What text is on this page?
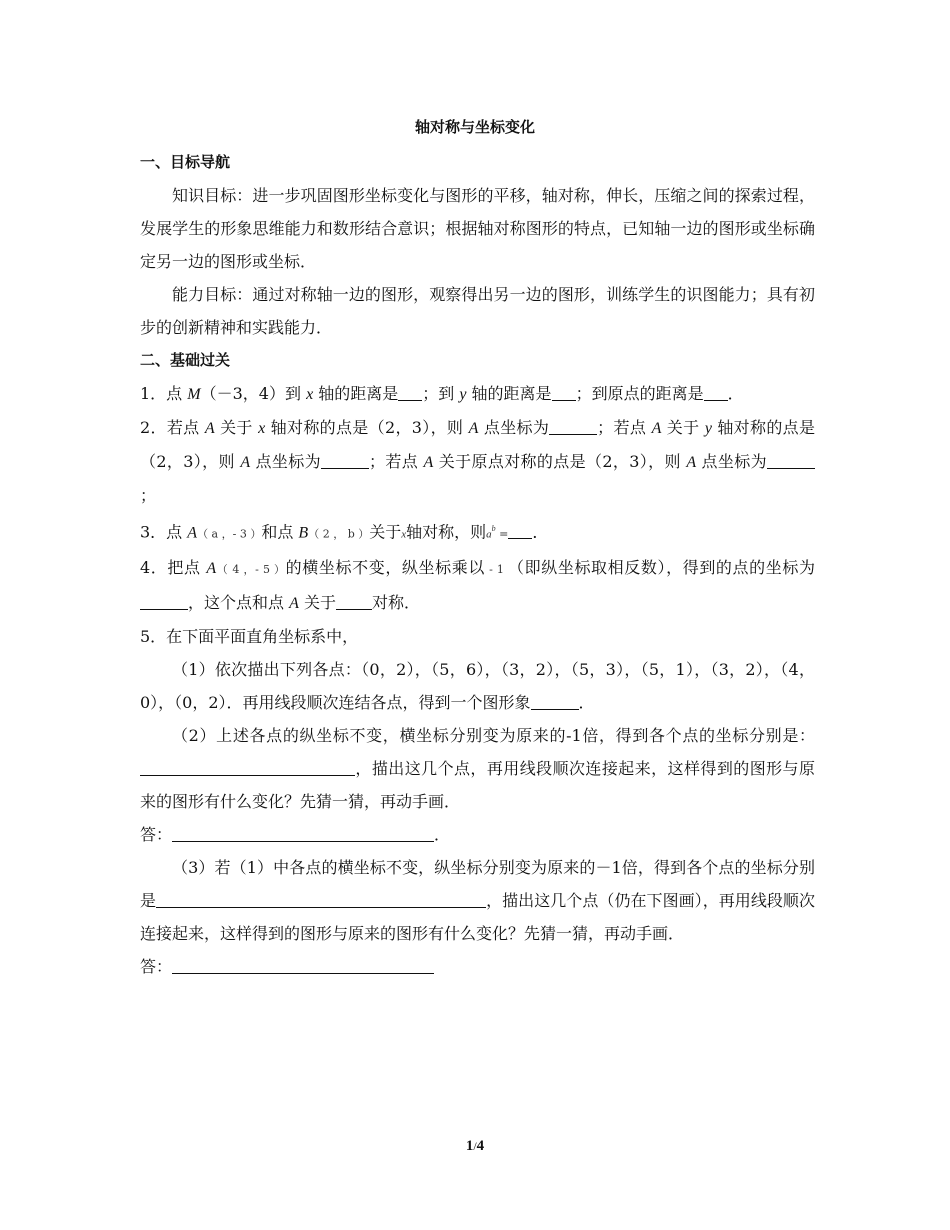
轴对称与坐标变化

一、目标导航

知识目标：进一步巩固图形坐标变化与图形的平移，轴对称，伸长，压缩之间的探索过程，发展学生的形象思维能力和数形结合意识；根据轴对称图形的特点，已知轴一边的图形或坐标确定另一边的图形或坐标．

能力目标：通过对称轴一边的图形，观察得出另一边的图形，训练学生的识图能力；具有初步的创新精神和实践能力．

二、基础过关

1．点 M（－3，4）到 x 轴的距离是 ；到 y 轴的距离是 ；到原点的距离是 ．

2．若点 A 关于 x 轴对称的点是（2，3），则 A 点坐标为	；若点 A 关于 y 轴对称的点是（2，3），则 A 点坐标为	；若点 A 关于原点对称的点是（2，3），则 A 点坐标为；

3．点 A（ a ，- 3 ）和点 B（ 2 ， b ）关于x轴对称，则$a^b$ = ．

4．把点 A（ 4 ，- 5 ）的横坐标不变，纵坐标乘以 - 1 （即纵坐标取相反数），得到的点的坐标为，这个点和点 A 关于 对称．

5．在下面平面直角坐标系中，

（1）依次描出下列各点：（0，2），（5，6），（3，2），（5，3），（5，1），（3，2），（4，0），（0，2）．再用线段顺次连结各点，得到一个图形象	．

（2）上述各点的纵坐标不变，横坐标分别变为原来的-1倍，得到各个点的坐标分别是：，描出这几个点，再用线段顺次连接起来，这样得到的图形与原来的图形有什么变化？先猜一猜，再动手画．

答：	．

（3）若（1）中各点的横坐标不变，纵坐标分别变为原来的－1倍，得到各个点的坐标分别是	，描出这几个点（仍在下图画），再用线段顺次连接起来，这样得到的图形与原来的图形有什么变化？先猜一猜，再动手画．

答：

1/4
